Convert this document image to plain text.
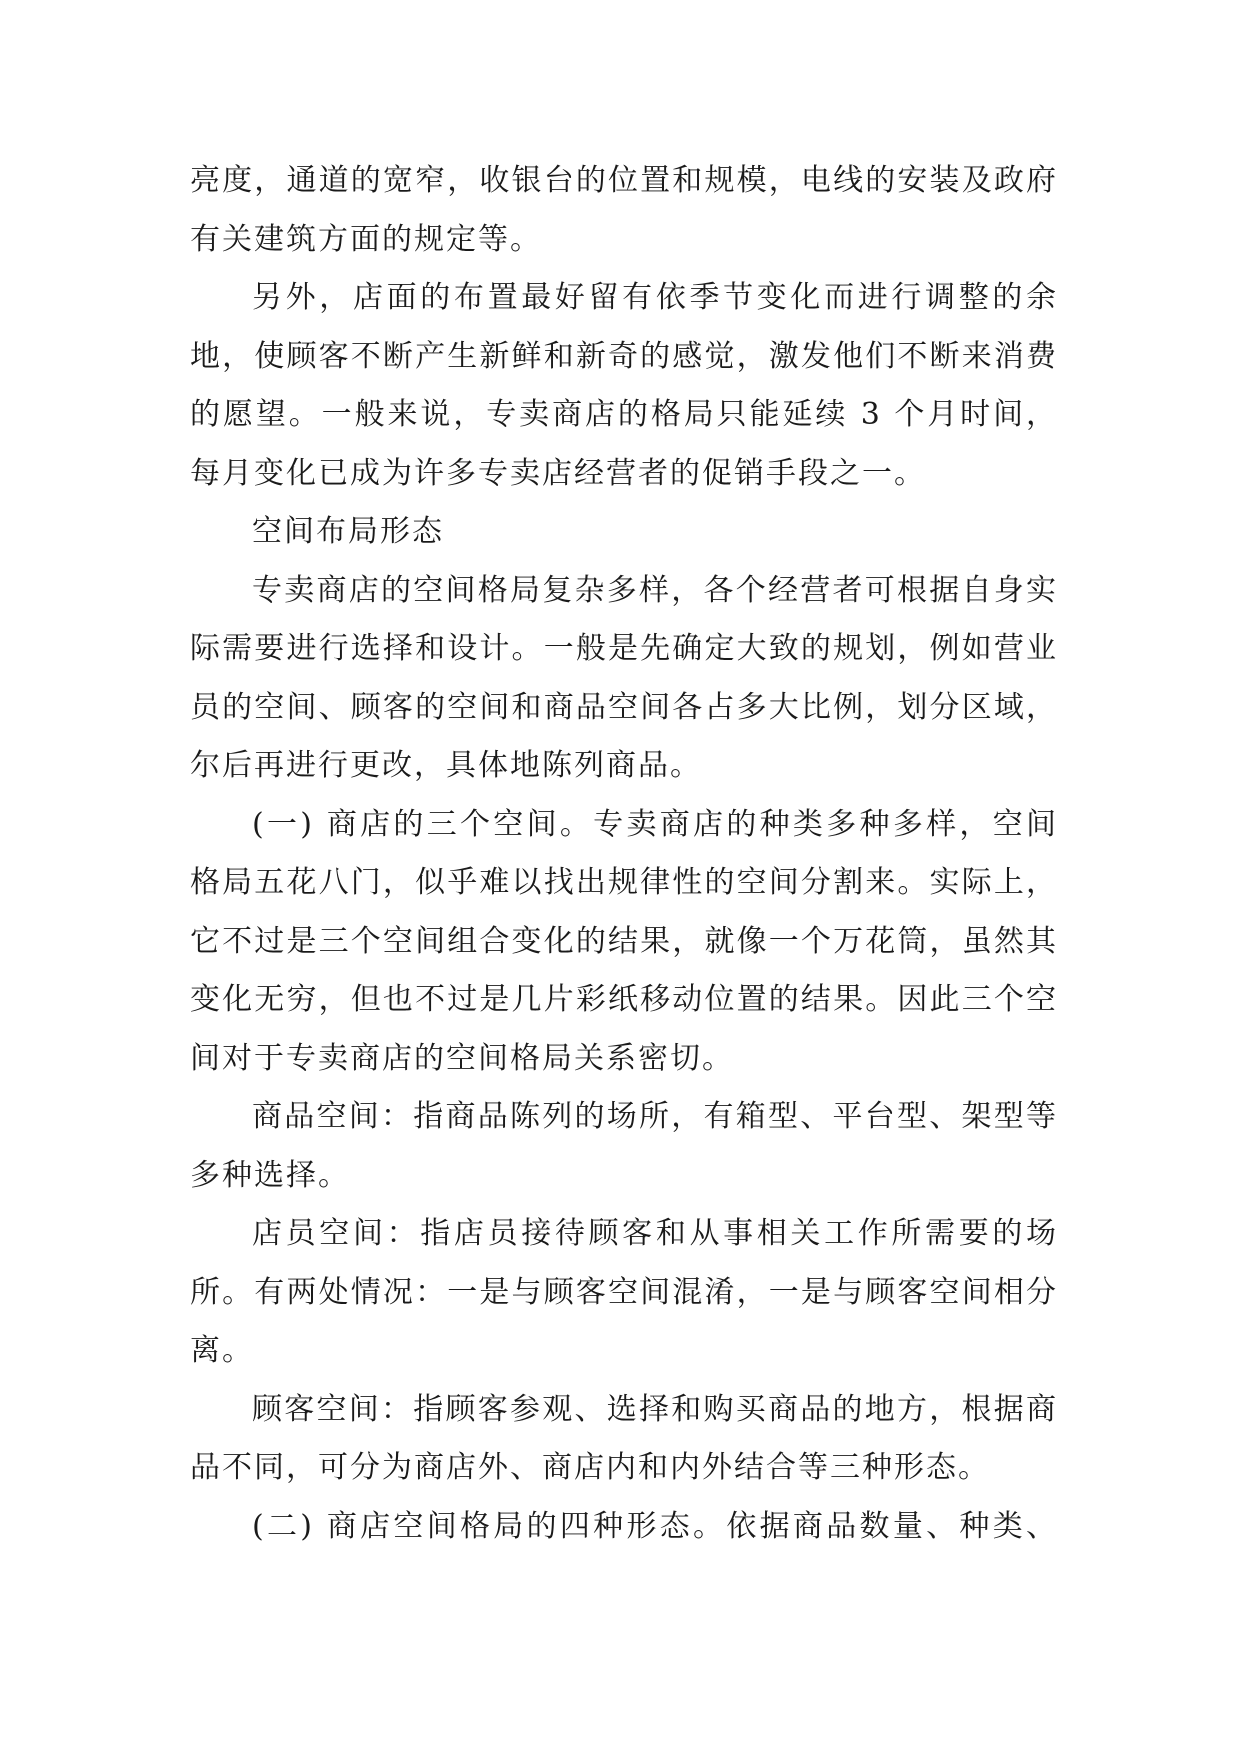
亮度，通道的宽窄，收银台的位置和规模，电线的安装及政府有关建筑方面的规定等。

另外，店面的布置最好留有依季节变化而进行调整的余地，使顾客不断产生新鲜和新奇的感觉，激发他们不断来消费的愿望。一般来说，专卖商店的格局只能延续 3 个月时间，每月变化已成为许多专卖店经营者的促销手段之一。

空间布局形态

专卖商店的空间格局复杂多样，各个经营者可根据自身实际需要进行选择和设计。一般是先确定大致的规划，例如营业员的空间、顾客的空间和商品空间各占多大比例，划分区域，尔后再进行更改，具体地陈列商品。

(一) 商店的三个空间。专卖商店的种类多种多样，空间格局五花八门，似乎难以找出规律性的空间分割来。实际上，它不过是三个空间组合变化的结果，就像一个万花筒，虽然其变化无穷，但也不过是几片彩纸移动位置的结果。因此三个空间对于专卖商店的空间格局关系密切。

商品空间：指商品陈列的场所，有箱型、平台型、架型等多种选择。

店员空间：指店员接待顾客和从事相关工作所需要的场所。有两处情况：一是与顾客空间混淆，一是与顾客空间相分离。

顾客空间：指顾客参观、选择和购买商品的地方，根据商品不同，可分为商店外、商店内和内外结合等三种形态。

(二) 商店空间格局的四种形态。依据商品数量、种类、
